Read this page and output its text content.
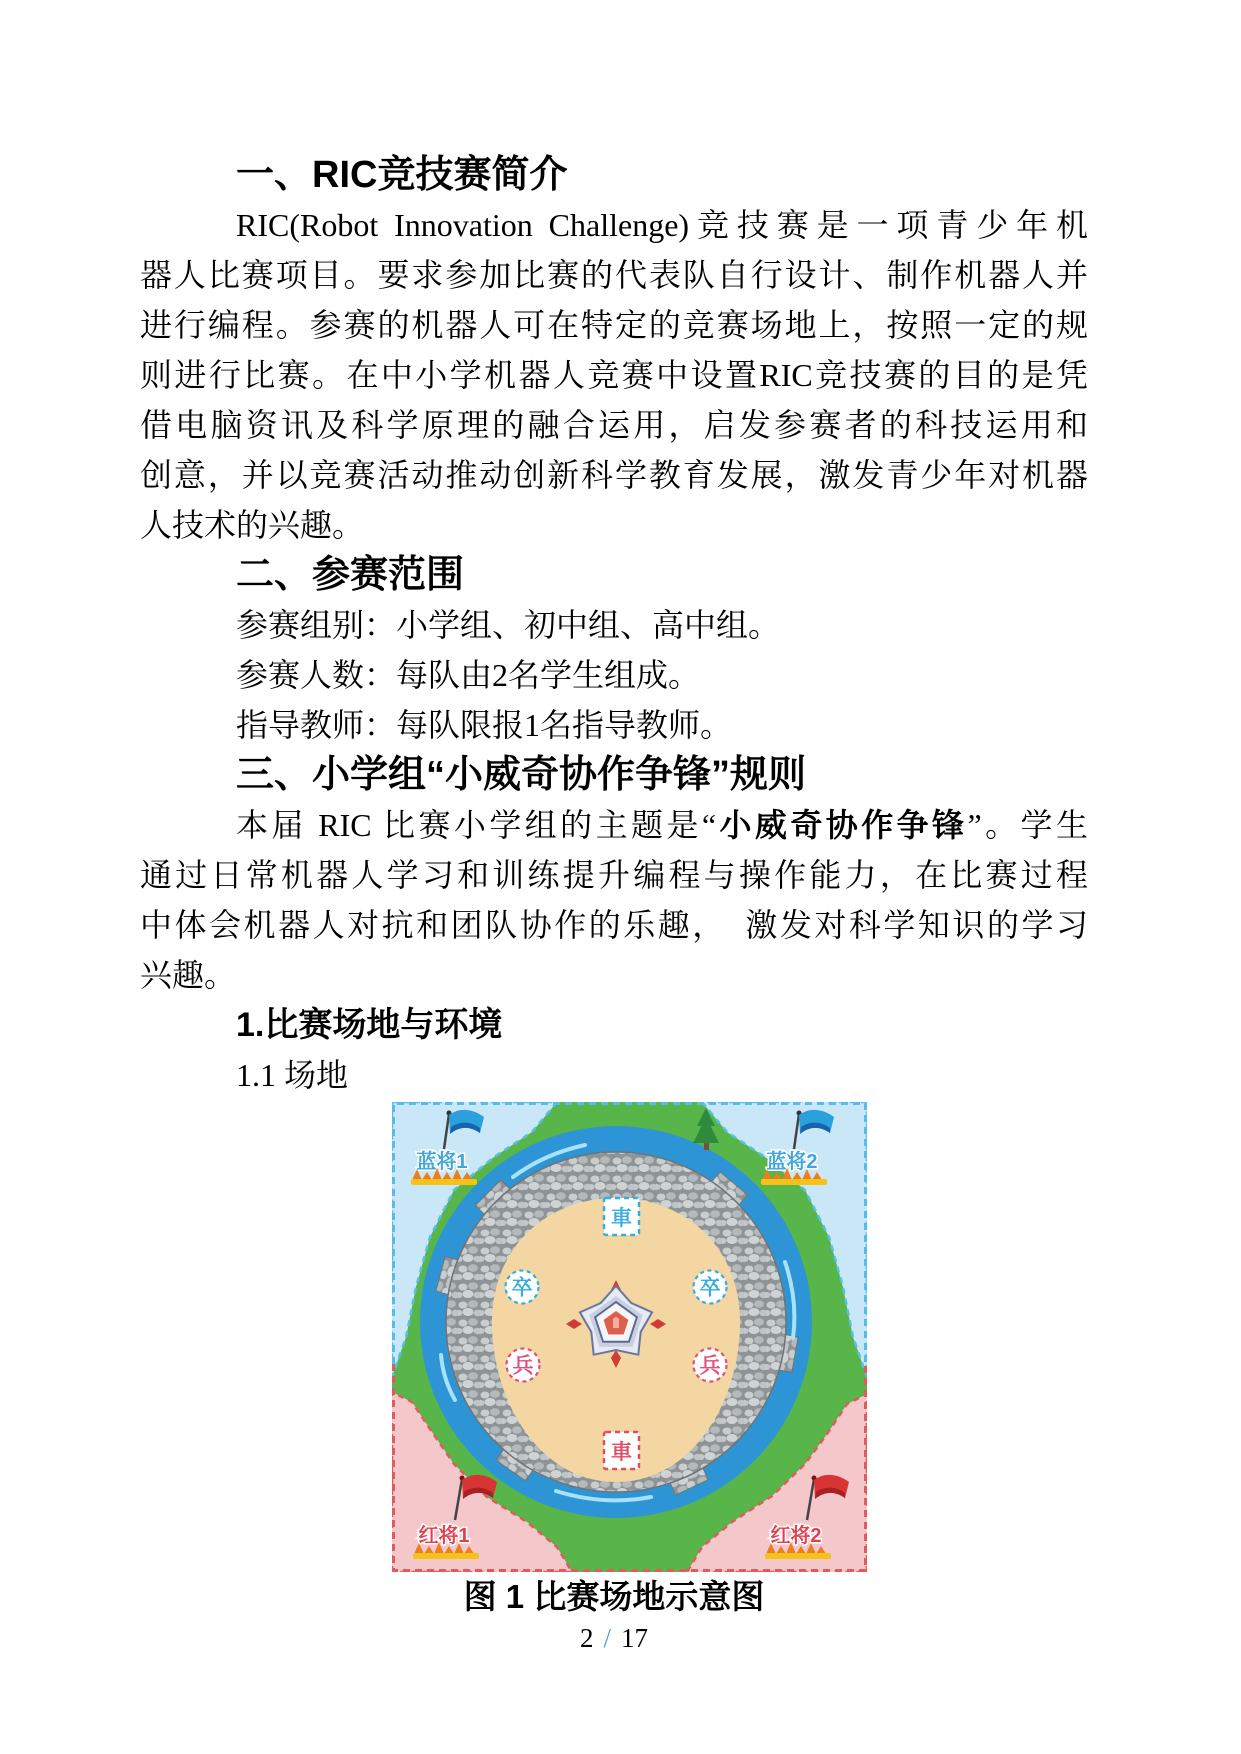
一、RIC竞技赛简介
RIC(Robot Innovation Challenge)竞技赛是一项青少年机
器人比赛项目。要求参加比赛的代表队自行设计、制作机器人并
进行编程。参赛的机器人可在特定的竞赛场地上，按照一定的规
则进行比赛。在中小学机器人竞赛中设置RIC竞技赛的目的是凭
借电脑资讯及科学原理的融合运用，启发参赛者的科技运用和
创意，并以竞赛活动推动创新科学教育发展，激发青少年对机器
人技术的兴趣。
二、参赛范围
参赛组别：小学组、初中组、高中组。
参赛人数：每队由2名学生组成。
指导教师：每队限报1名指导教师。
三、小学组“小威奇协作争锋”规则
本届 RIC 比赛小学组的主题是“小威奇协作争锋”。学生
通过日常机器人学习和训练提升编程与操作能力，在比赛过程
中体会机器人对抗和团队协作的乐趣，　激发对科学知识的学习
兴趣。
1.比赛场地与环境
1.1 场地
車
車
卒	卒
兵	兵
蓝将1	蓝将2
红将1	红将2
图 1 比赛场地示意图
2 / 17
